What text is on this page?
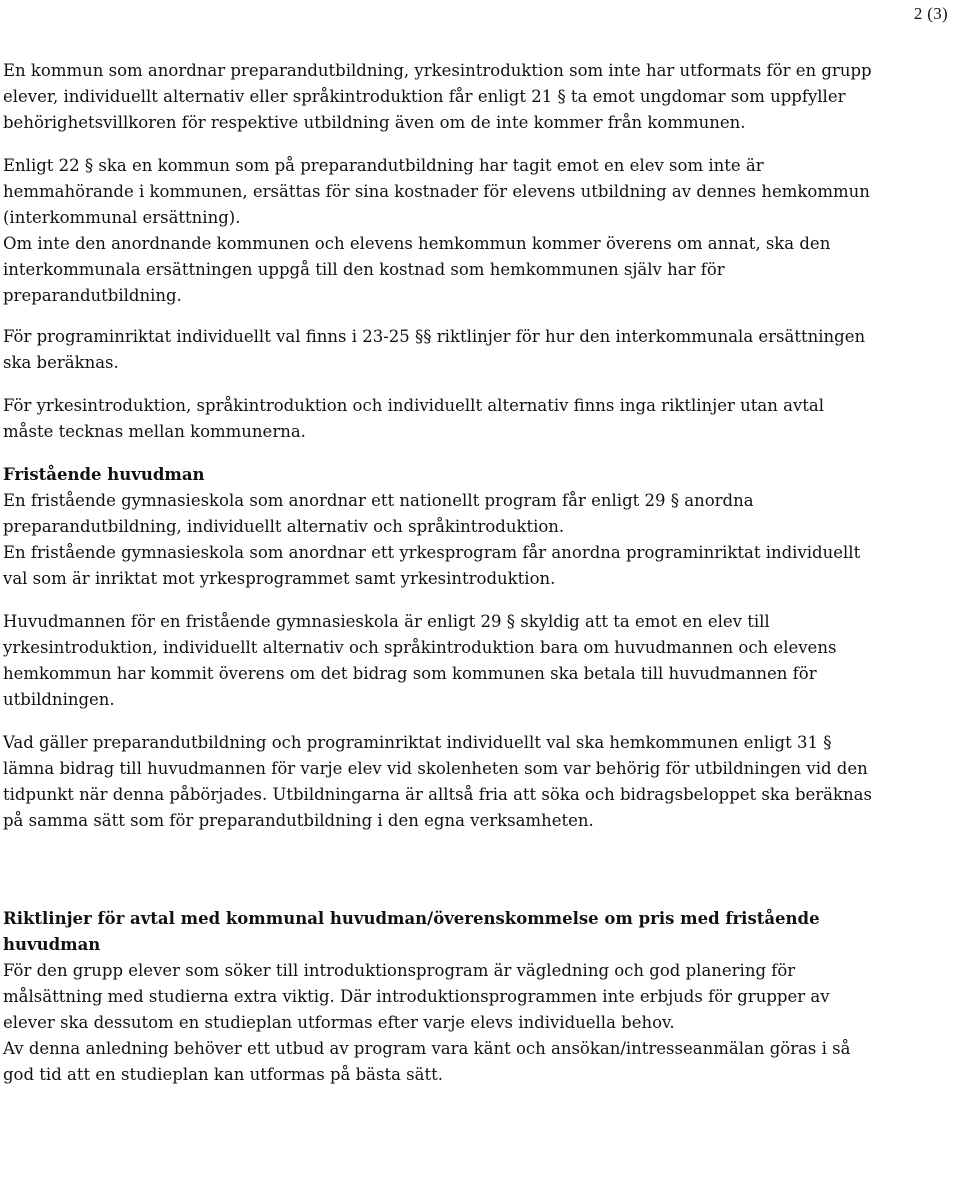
2 (3)

En kommun som anordnar preparandutbildning, yrkesintroduktion som inte har utformats för en grupp elever, individuellt alternativ eller språkintroduktion får enligt 21 § ta emot ungdomar som uppfyller behörighetsvillkoren för respektive utbildning även om de inte kommer från kommunen.

Enligt 22 § ska en kommun som på preparandutbildning har tagit emot en elev som inte är hemmahörande i kommunen, ersättas för sina kostnader för elevens utbildning av dennes hemkommun (interkommunal ersättning).

Om inte den anordnande kommunen och elevens hemkommun kommer överens om annat, ska den interkommunala ersättningen uppgå till den kostnad som hemkommunen själv har för preparandutbildning.

För programinriktat individuellt val finns i 23-25 §§ riktlinjer för hur den interkommunala ersättningen ska beräknas.

För yrkesintroduktion, språkintroduktion och individuellt alternativ finns inga riktlinjer utan avtal måste tecknas mellan kommunerna.

Fristående huvudman

En fristående gymnasieskola som anordnar ett nationellt program får enligt 29 § anordna preparandutbildning, individuellt alternativ och språkintroduktion.

En fristående gymnasieskola som anordnar ett yrkesprogram får anordna programinriktat individuellt val som är inriktat mot yrkesprogrammet samt yrkesintroduktion.

Huvudmannen för en fristående gymnasieskola är enligt 29 § skyldig att ta emot en elev till yrkesintroduktion, individuellt alternativ och språkintroduktion bara om huvudmannen och elevens hemkommun har kommit överens om det bidrag som kommunen ska betala till huvudmannen för utbildningen.

Vad gäller preparandutbildning och programinriktat individuellt val ska hemkommunen enligt 31 § lämna bidrag till huvudmannen för varje elev vid skolenheten som var behörig för utbildningen vid den tidpunkt när denna påbörjades. Utbildningarna är alltså fria att söka och bidragsbeloppet ska beräknas på samma sätt som för preparandutbildning i den egna verksamheten.

Riktlinjer för avtal med kommunal huvudman/överenskommelse om pris med fristående huvudman

För den grupp elever som söker till introduktionsprogram är vägledning och god planering för målsättning med studierna extra viktig. Där introduktionsprogrammen inte erbjuds för grupper av elever ska dessutom en studieplan utformas efter varje elevs individuella behov.

Av denna anledning behöver ett utbud av program vara känt och ansökan/intresseanmälan göras i så god tid att en studieplan kan utformas på bästa sätt.
